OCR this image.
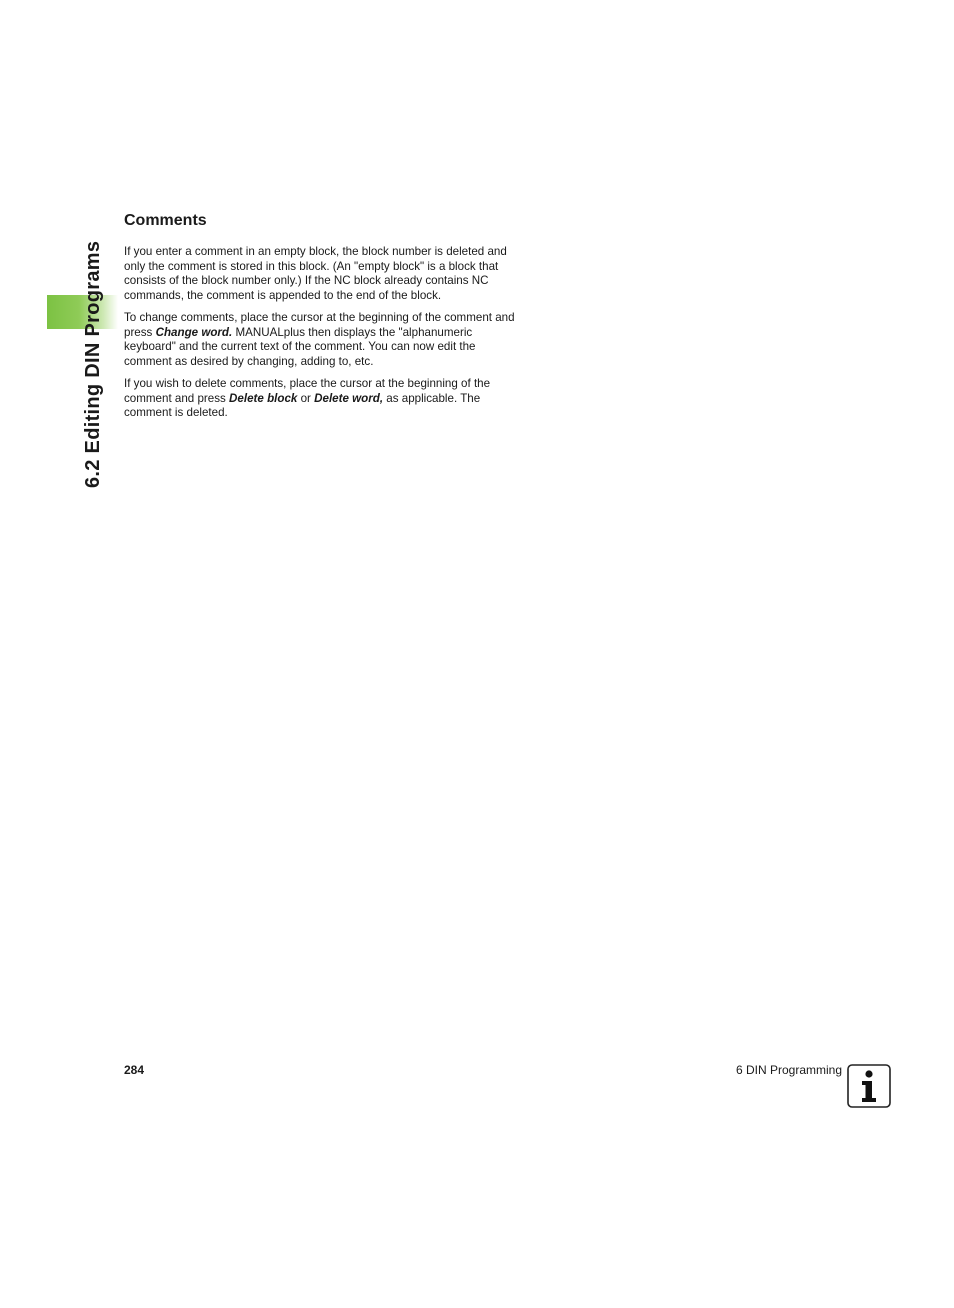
6.2 Editing DIN Programs
Comments

If you enter a comment in an empty block, the block number is deleted and only the comment is stored in this block. (An "empty block" is a block that consists of the block number only.) If the NC block already contains NC commands, the comment is appended to the end of the block.

To change comments, place the cursor at the beginning of the comment and press Change word. MANUALplus then displays the "alphanumeric keyboard" and the current text of the comment. You can now edit the comment as desired by changing, adding to, etc.

If you wish to delete comments, place the cursor at the beginning of the comment and press Delete block or Delete word, as applicable. The comment is deleted.

284	6 DIN Programming
